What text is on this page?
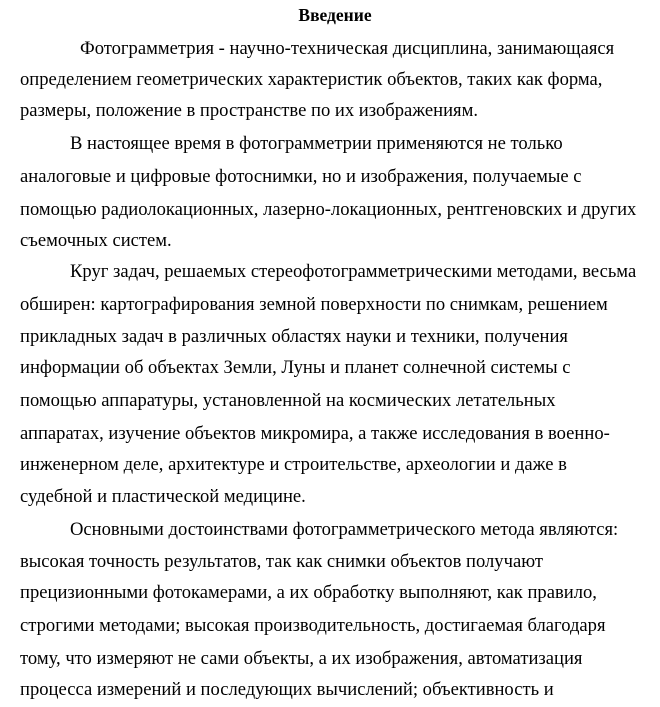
Введение
Фотограмметрия - научно-техническая дисциплина, занимающаяся
определением геометрических характеристик объектов, таких как форма,
размеры, положение в пространстве по их изображениям.
В настоящее время в фотограмметрии применяются не только
аналоговые и цифровые фотоснимки, но и изображения, получаемые с
помощью радиолокационных, лазерно-локационных, рентгеновских и других
съемочных систем.
Круг задач, решаемых стереофотограмметрическими методами, весьма
обширен: картографирования земной поверхности по снимкам, решением
прикладных задач в различных областях науки и техники, получения
информации об объектах Земли, Луны и планет солнечной системы с
помощью аппаратуры, установленной на космических летательных
аппаратах, изучение объектов микромира, а также исследования в военно-
инженерном деле, архитектуре и строительстве, археологии и даже в
судебной и пластической медицине.
Основными достоинствами фотограмметрического метода являются:
высокая точность результатов, так как снимки объектов получают
прецизионными фотокамерами, а их обработку выполняют, как правило,
строгими методами; высокая производительность, достигаемая благодаря
тому, что измеряют не сами объекты, а их изображения, автоматизация
процесса измерений и последующих вычислений; объективность и
